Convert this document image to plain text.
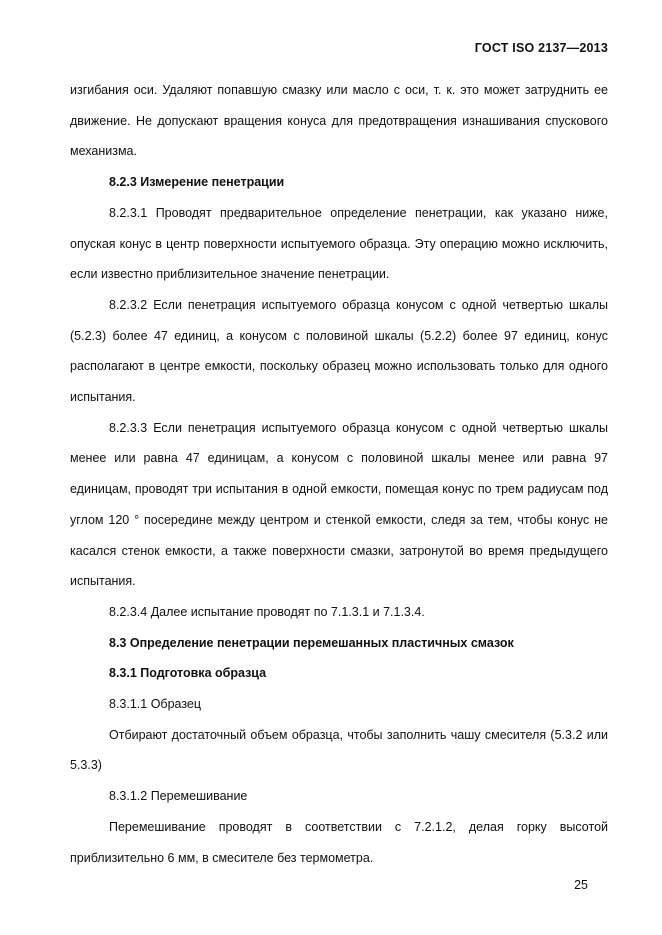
ГОСТ ISO 2137—2013

изгибания оси. Удаляют попавшую смазку или масло с оси, т. к. это может затруднить ее движение. Не допускают вращения конуса для предотвращения изнашивания спускового механизма.

8.2.3 Измерение пенетрации

8.2.3.1 Проводят предварительное определение пенетрации, как указано ниже, опуская конус в центр поверхности испытуемого образца. Эту операцию можно исключить, если известно приблизительное значение пенетрации.

8.2.3.2 Если пенетрация испытуемого образца конусом с одной четвертью шкалы (5.2.3) более 47 единиц, а конусом с половиной шкалы (5.2.2) более 97 единиц, конус располагают в центре емкости, поскольку образец можно использовать только для одного испытания.

8.2.3.3 Если пенетрация испытуемого образца конусом с одной четвертью шкалы менее или равна 47 единицам, а конусом с половиной шкалы менее или равна 97 единицам, проводят три испытания в одной емкости, помещая конус по трем радиусам под углом 120 ° посередине между центром и стенкой емкости, следя за тем, чтобы конус не касался стенок емкости, а также поверхности смазки, затронутой во время предыдущего испытания.

8.2.3.4 Далее испытание проводят по 7.1.3.1 и 7.1.3.4.

8.3 Определение пенетрации перемешанных пластичных смазок

8.3.1 Подготовка образца

8.3.1.1 Образец

Отбирают достаточный объем образца, чтобы заполнить чашу смесителя (5.3.2 или 5.3.3)

8.3.1.2 Перемешивание

Перемешивание проводят в соответствии с 7.2.1.2, делая горку высотой приблизительно 6 мм, в смесителе без термометра.

25
